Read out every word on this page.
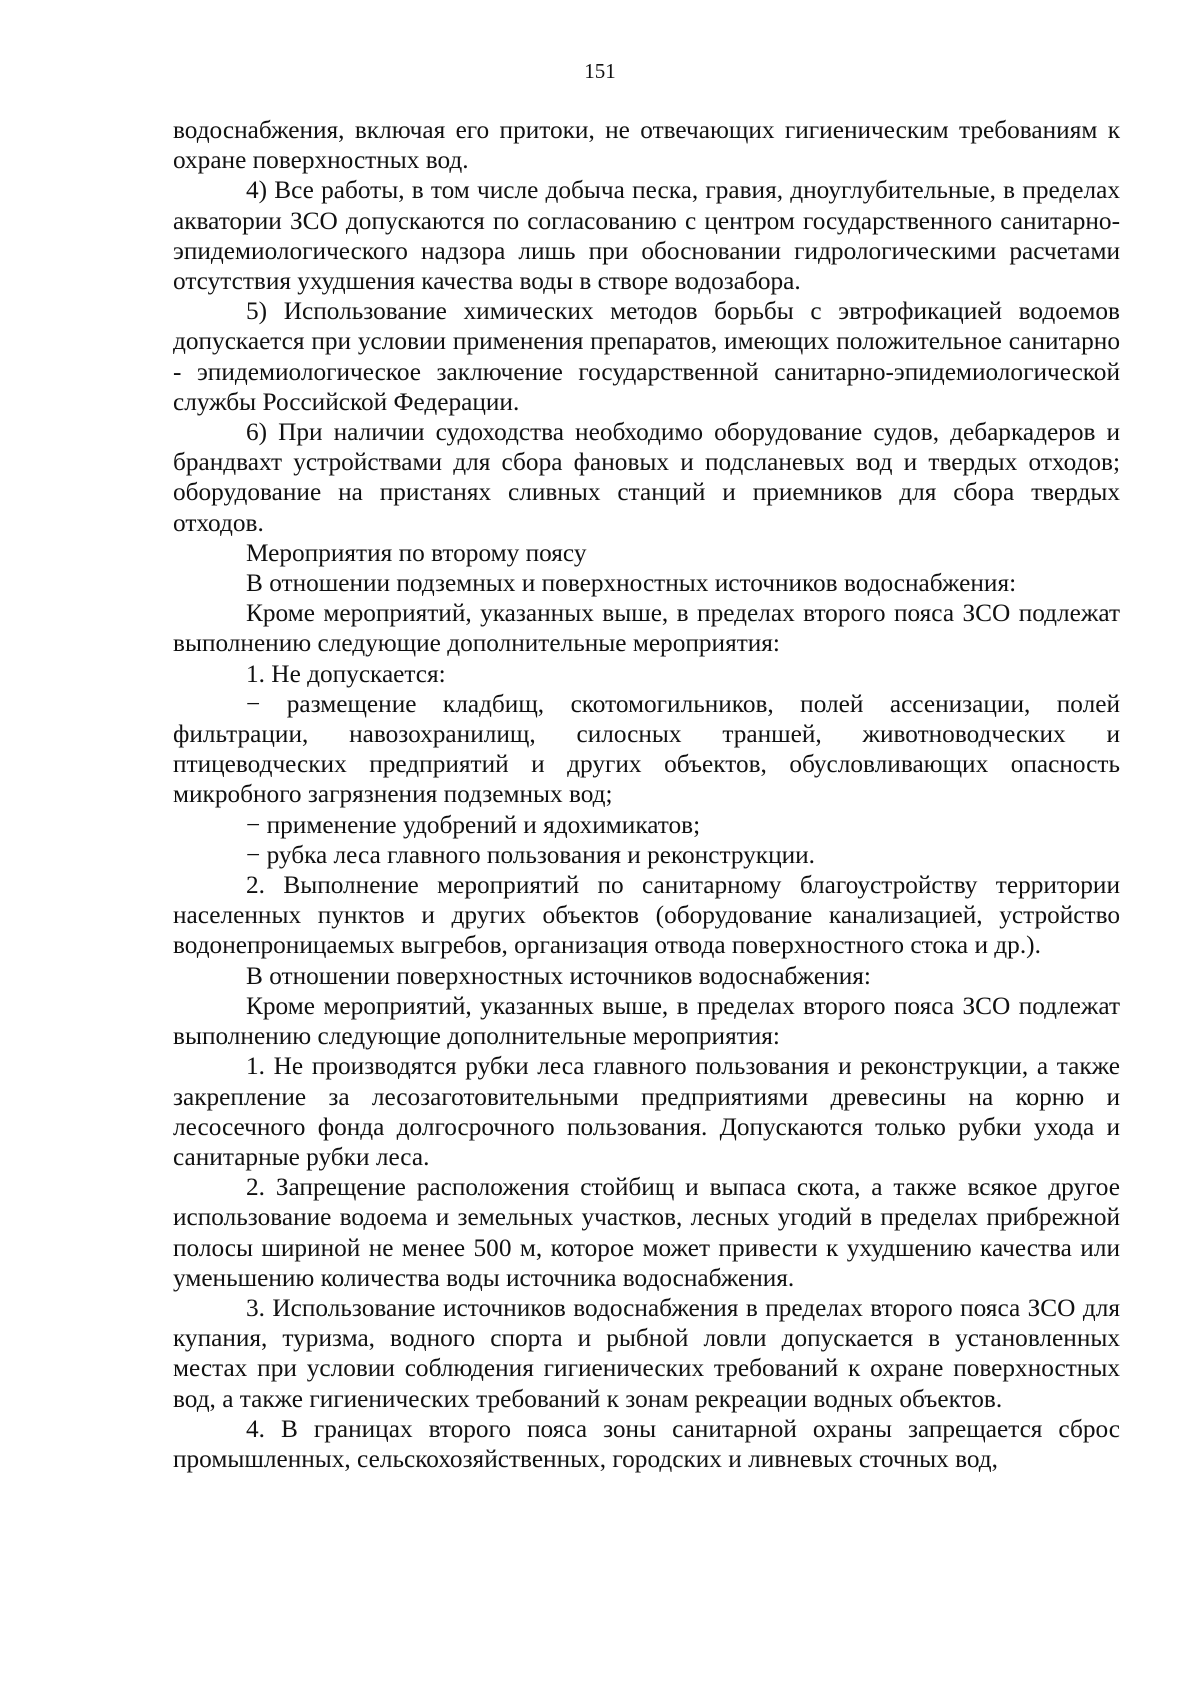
151

водоснабжения, включая его притоки, не отвечающих гигиеническим требованиям к охране поверхностных вод.

4) Все работы, в том числе добыча песка, гравия, дноуглубительные, в пределах акватории ЗСО допускаются по согласованию с центром государственного санитарно-эпидемиологического надзора лишь при обосновании гидрологическими расчетами отсутствия ухудшения качества воды в створе водозабора.

5) Использование химических методов борьбы с эвтрофикацией водоемов допускается при условии применения препаратов, имеющих положительное санитарно - эпидемиологическое заключение государственной санитарно-эпидемиологической службы Российской Федерации.

6) При наличии судоходства необходимо оборудование судов, дебаркадеров и брандвахт устройствами для сбора фановых и подсланевых вод и твердых отходов; оборудование на пристанях сливных станций и приемников для сбора твердых отходов.

Мероприятия по второму поясу

В отношении подземных и поверхностных источников водоснабжения:

Кроме мероприятий, указанных выше, в пределах второго пояса ЗСО подлежат выполнению следующие дополнительные мероприятия:

1. Не допускается:

− размещение кладбищ, скотомогильников, полей ассенизации, полей фильтрации, навозохранилищ, силосных траншей, животноводческих и птицеводческих предприятий и других объектов, обусловливающих опасность микробного загрязнения подземных вод;

− применение удобрений и ядохимикатов;

− рубка леса главного пользования и реконструкции.

2. Выполнение мероприятий по санитарному благоустройству территории населенных пунктов и других объектов (оборудование канализацией, устройство водонепроницаемых выгребов, организация отвода поверхностного стока и др.).

В отношении поверхностных источников водоснабжения:

Кроме мероприятий, указанных выше, в пределах второго пояса ЗСО подлежат выполнению следующие дополнительные мероприятия:

1. Не производятся рубки леса главного пользования и реконструкции, а также закрепление за лесозаготовительными предприятиями древесины на корню и лесосечного фонда долгосрочного пользования. Допускаются только рубки ухода и санитарные рубки леса.

2. Запрещение расположения стойбищ и выпаса скота, а также всякое другое использование водоема и земельных участков, лесных угодий в пределах прибрежной полосы шириной не менее 500 м, которое может привести к ухудшению качества или уменьшению количества воды источника водоснабжения.

3. Использование источников водоснабжения в пределах второго пояса ЗСО для купания, туризма, водного спорта и рыбной ловли допускается в установленных местах при условии соблюдения гигиенических требований к охране поверхностных вод, а также гигиенических требований к зонам рекреации водных объектов.

4. В границах второго пояса зоны санитарной охраны запрещается сброс промышленных, сельскохозяйственных, городских и ливневых сточных вод,
